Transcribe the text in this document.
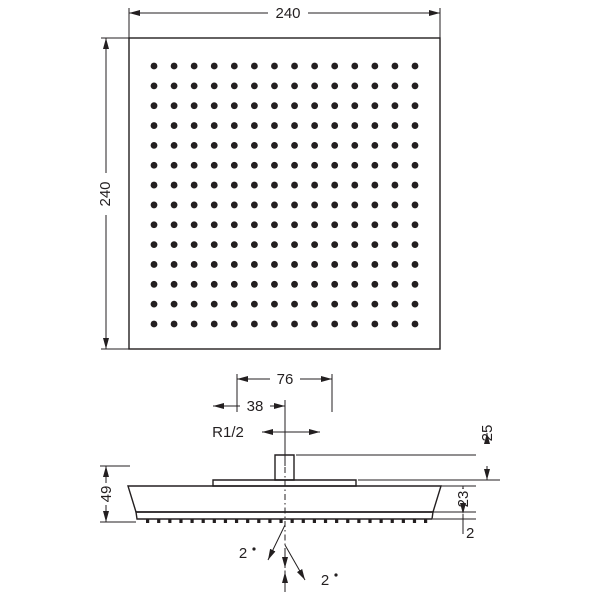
240
240
76
38
R1/2	25
49	23
2
2
2
